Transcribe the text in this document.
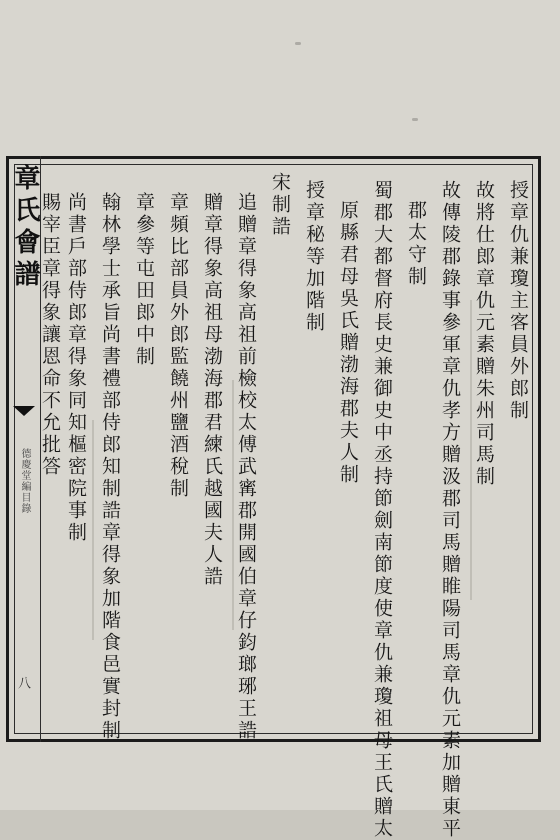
章氏會譜
德慶堂編目錄
八
授章仇兼瓊主客員外郎制
故將仕郎章仇元素贈朱州司馬制
故傳陵郡錄事參軍章仇孝方贈汲郡司馬贈睢陽司馬章仇元素加贈東平
郡太守制
蜀郡大都督府長史兼御史中丞持節劍南節度使章仇兼瓊祖母王氏贈太
原縣君母吳氏贈渤海郡夫人制
授章秘等加階制
宋制誥
追贈章得象高祖前檢校太傅武寗郡開國伯章仔鈞瑯琊王誥
贈章得象高祖母渤海郡君練氏越國夫人誥
章頻比部員外郎監饒州鹽酒稅制
章參等屯田郎中制
翰林學士承旨尚書禮部侍郎知制誥章得象加階食邑實封制
尚書戶部侍郎章得象同知樞密院事制
賜宰臣章得象讓恩命不允批答
